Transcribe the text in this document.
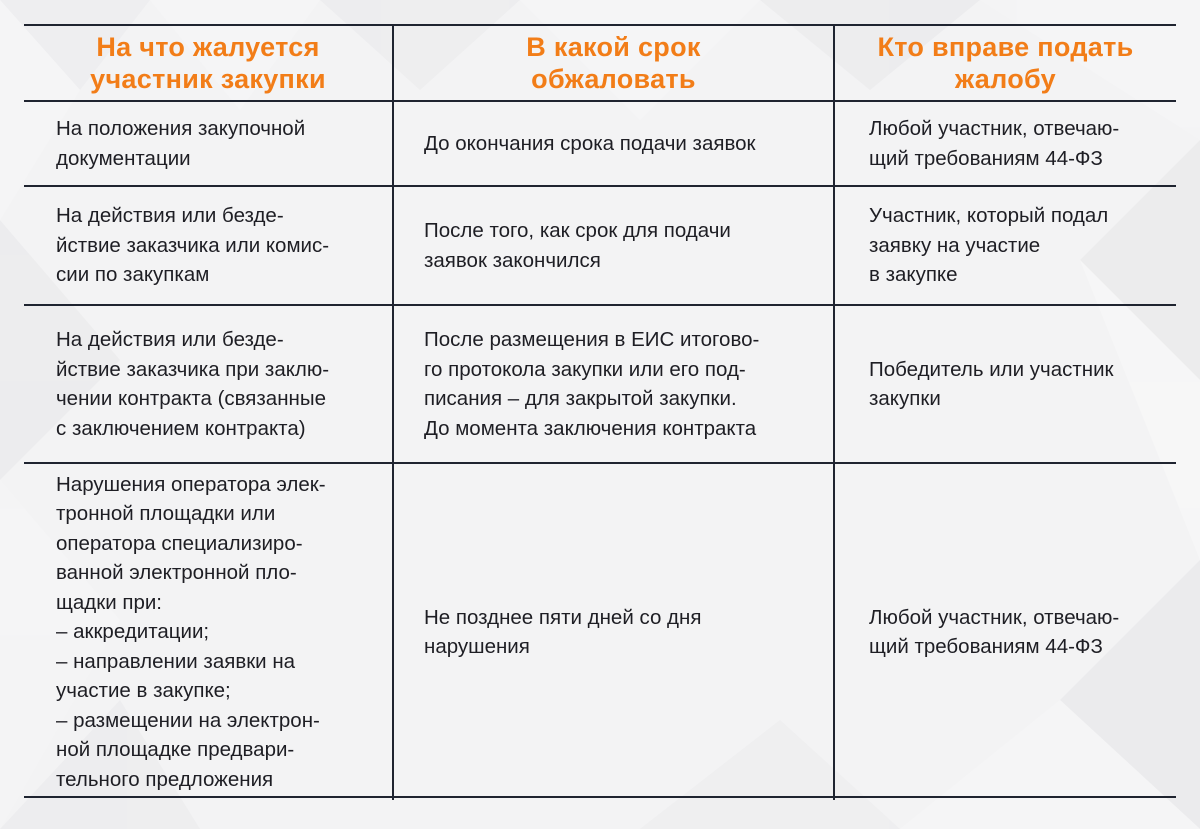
На что жалуется
участник закупки
В какой срок
обжаловать
Кто вправе подать
жалобу
На положения закупочной
документации
До окончания срока подачи заявок
Любой участник, отвечаю-
щий требованиям 44-ФЗ
На действия или безде-
йствие заказчика или комис-
сии по закупкам
После того, как срок для подачи
заявок закончился
Участник, который подал
заявку на участие
в закупке
На действия или безде-
йствие заказчика при заклю-
чении контракта (связанные
с заключением контракта)
После размещения в ЕИС итогово-
го протокола закупки или его под-
писания – для закрытой закупки.
До момента заключения контракта
Победитель или участник
закупки
Нарушения оператора элек-
тронной площадки или
оператора специализиро-
ванной электронной пло-
щадки при:
– аккредитации;
– направлении заявки на
участие в закупке;
– размещении на электрон-
ной площадке предвари-
тельного предложения
Не позднее пяти дней со дня
нарушения
Любой участник, отвечаю-
щий требованиям 44-ФЗ
